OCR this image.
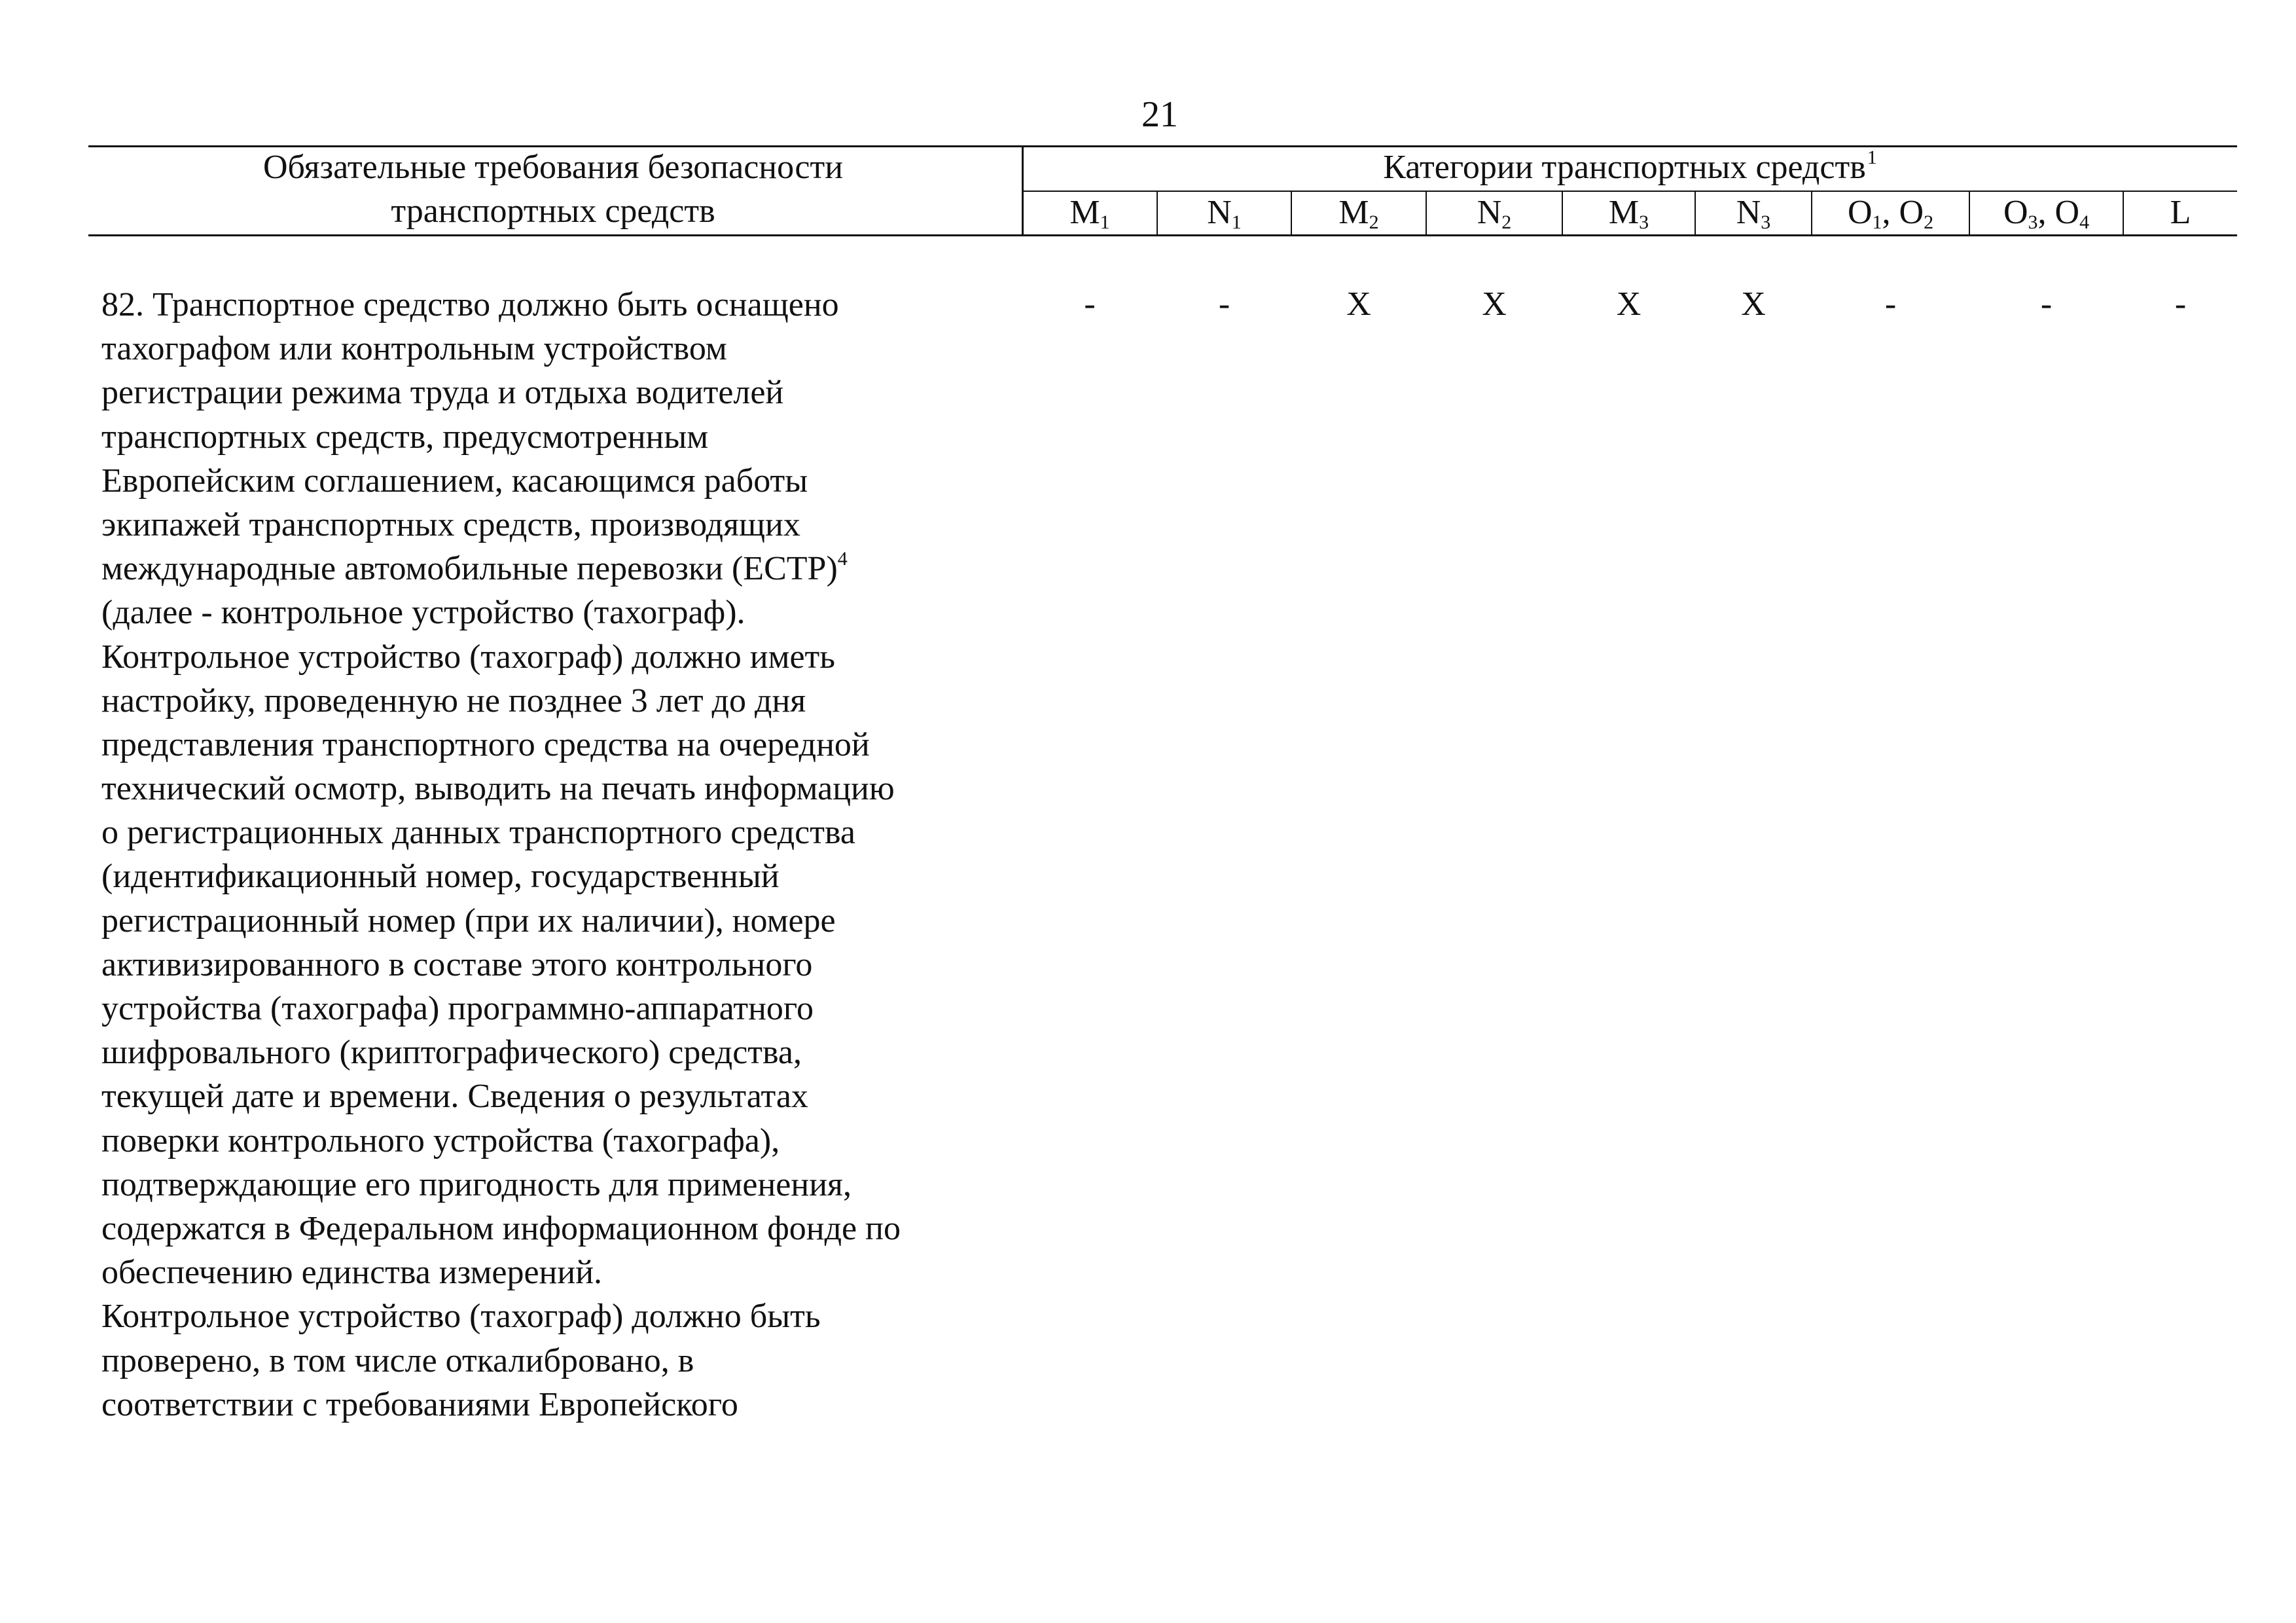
21
Обязательные требования безопасности
транспортных средств
Категории транспортных средств$^1$
$M_1$	$N_1$	$M_2$	$N_2$	$M_3$	$N_3$	$O_1$, $O_2$	$O_3$, $O_4$	L
-	-	X	X	X	X	-	-	-
82. Транспортное средство должно быть оснащено
тахографом или контрольным устройством
регистрации режима труда и отдыха водителей
транспортных средств, предусмотренным
Европейским соглашением, касающимся работы
экипажей транспортных средств, производящих
международные автомобильные перевозки (ЕСТР)$^4$
(далее - контрольное устройство (тахограф).
Контрольное устройство (тахограф) должно иметь
настройку, проведенную не позднее 3 лет до дня
представления транспортного средства на очередной
технический осмотр, выводить на печать информацию
о регистрационных данных транспортного средства
(идентификационный номер, государственный
регистрационный номер (при их наличии), номере
активизированного в составе этого контрольного
устройства (тахографа) программно-аппаратного
шифровального (криптографического) средства,
текущей дате и времени. Сведения о результатах
поверки контрольного устройства (тахографа),
подтверждающие его пригодность для применения,
содержатся в Федеральном информационном фонде по
обеспечению единства измерений.
Контрольное устройство (тахограф) должно быть
проверено, в том числе откалибровано, в
соответствии с требованиями Европейского
